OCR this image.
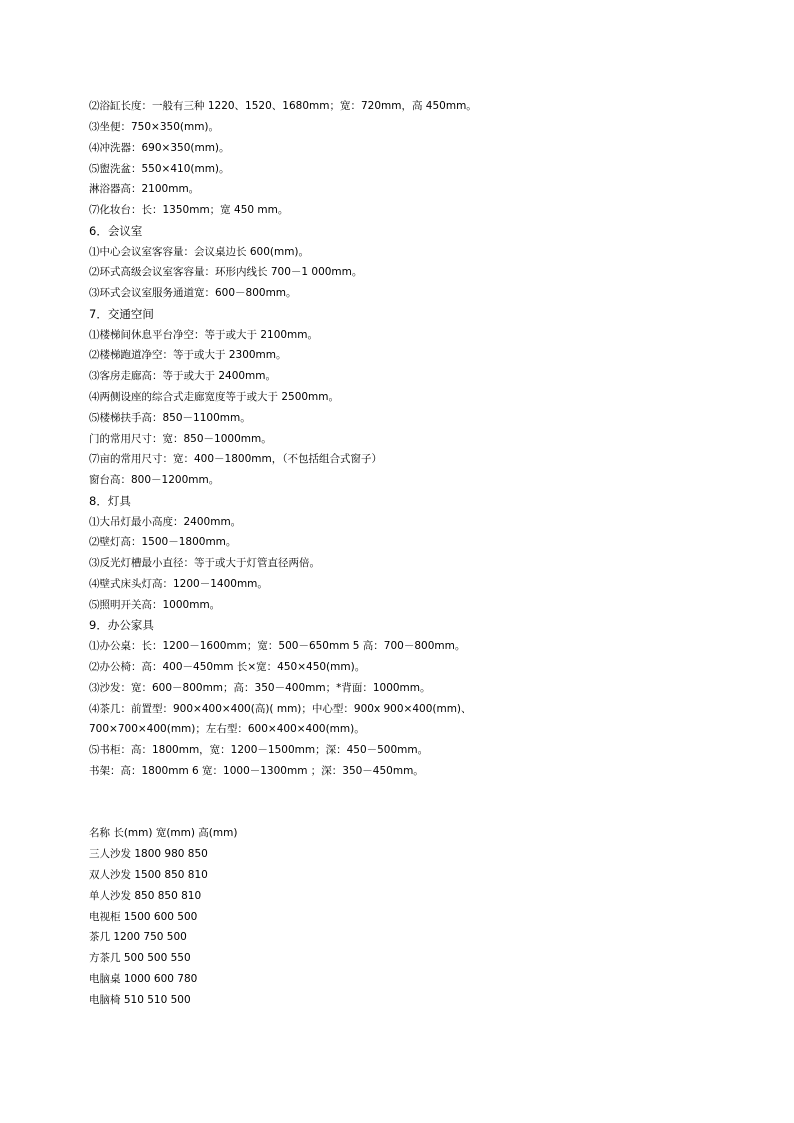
⑵浴缸长度：一般有三种 1220、1520、1680mm；宽：720mm，高 450mm。
⑶坐便：750×350(mm)。
⑷冲洗器：690×350(mm)。
⑸盥洗盆：550×410(mm)。
淋浴器高：2100mm。
⑺化妆台：长：1350mm；宽 450 mm。
6．会议室
⑴中心会议室客容量：会议桌边长 600(mm)。
⑵环式高级会议室客容量：环形内线长 700－1 000mm。
⑶环式会议室服务通道宽：600－800mm。
7．交通空间
⑴楼梯间休息平台净空：等于或大于 2100mm。
⑵楼梯跑道净空：等于或大于 2300mm。
⑶客房走廊高：等于或大于 2400mm。
⑷两侧设座的综合式走廊宽度等于或大于 2500mm。
⑸楼梯扶手高：850－1100mm。
门的常用尺寸：宽：850－1000mm。
⑺亩的常用尺寸：宽：400－1800mm，（不包括组合式窗子）
窗台高：800－1200mm。
8．灯具
⑴大吊灯最小高度：2400mm。
⑵壁灯高：1500－1800mm。
⑶反光灯槽最小直径：等于或大于灯管直径两倍。
⑷壁式床头灯高：1200－1400mm。
⑸照明开关高：1000mm。
9．办公家具
⑴办公桌：长：1200－1600mm；宽：500－650mm 5 高：700－800mm。
⑵办公椅：高：400－450mm 长×宽：450×450(mm)。
⑶沙发：宽：600－800mm；高：350－400mm；*背面：1000mm。
⑷茶几：前置型：900×400×400(高)( mm)；中心型：900x 900×400(mm)、
700×700×400(mm)；左右型：600×400×400(mm)。
⑸书柜：高：1800mm，宽：1200－1500mm；深：450－500mm。
书架：高：1800mm 6 宽：1000－1300mm ；深：350－450mm。
名称 长(mm) 宽(mm) 高(mm)
三人沙发 1800 980 850
双人沙发 1500 850 810
单人沙发 850 850 810
电视柜 1500 600 500
茶几 1200 750 500
方茶几 500 500 550
电脑桌 1000 600 780
电脑椅 510 510 500
